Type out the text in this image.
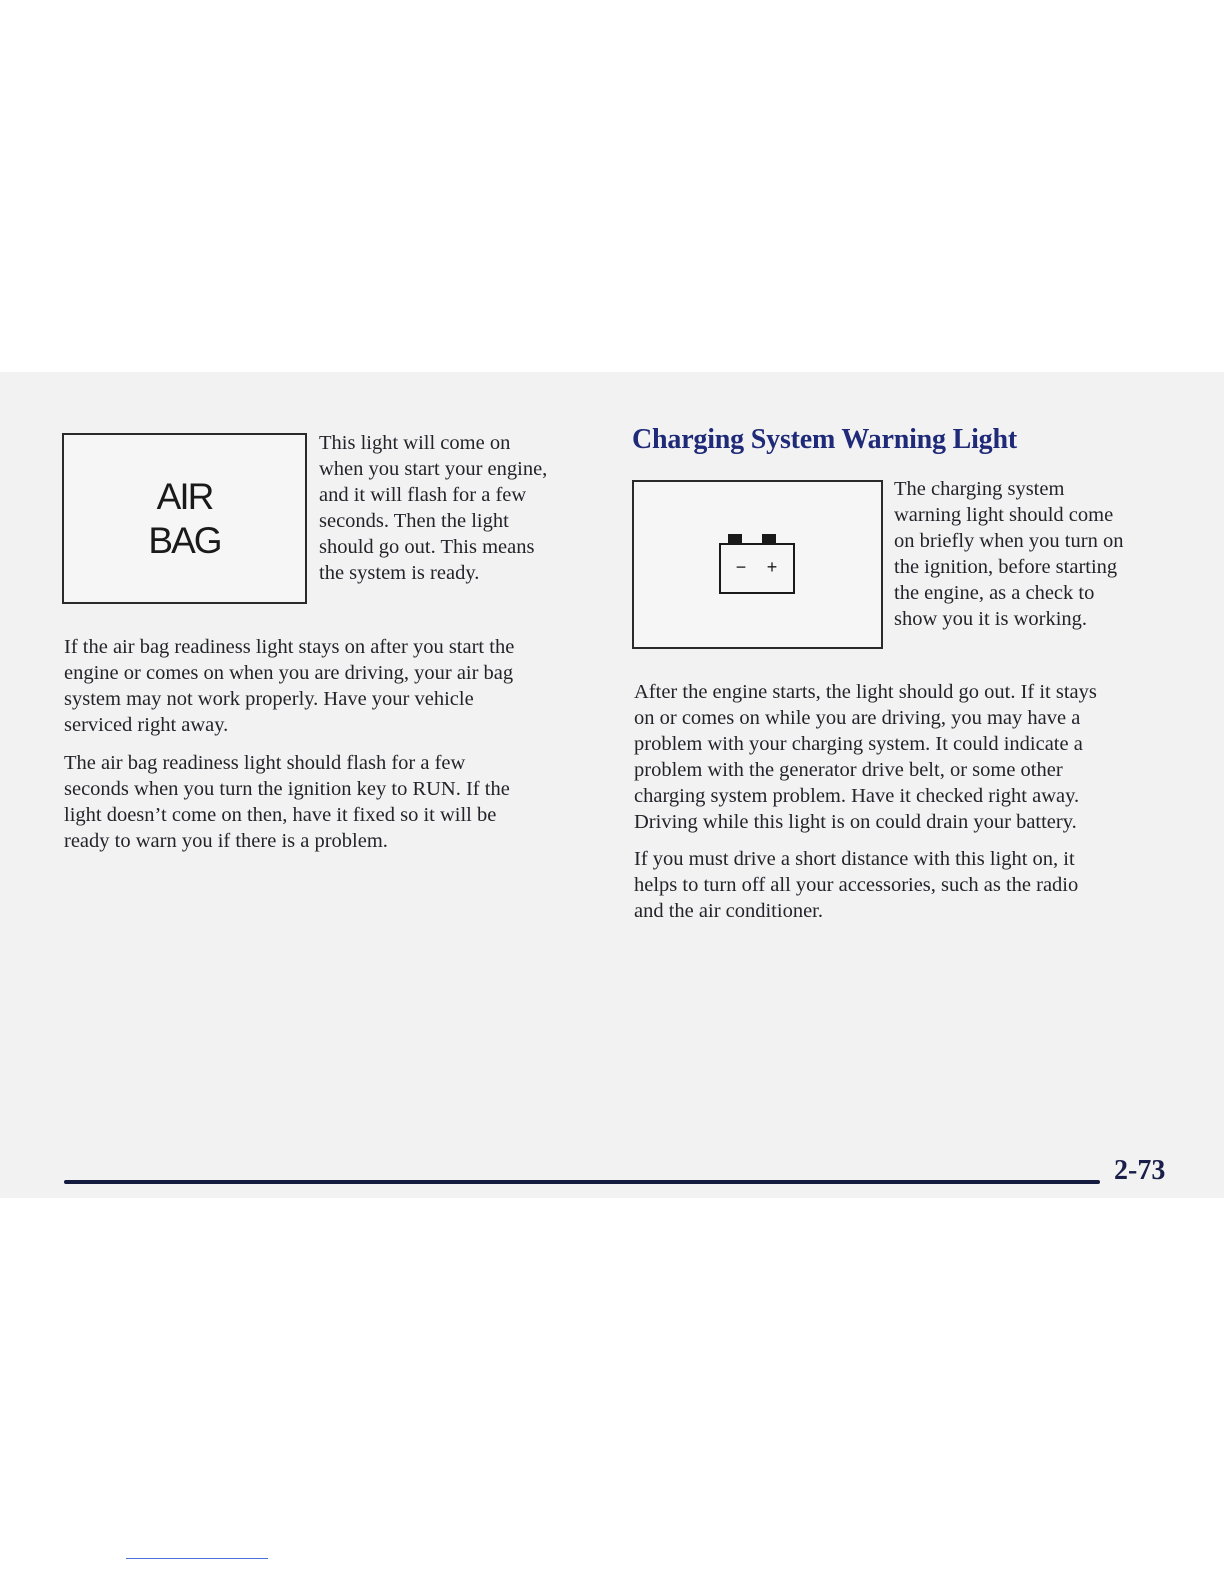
AIR
BAG
This light will come on
when you start your engine,
and it will flash for a few
seconds. Then the light
should go out. This means
the system is ready.
If the air bag readiness light stays on after you start the
engine or comes on when you are driving, your air bag
system may not work properly. Have your vehicle
serviced right away.
The air bag readiness light should flash for a few
seconds when you turn the ignition key to RUN. If the
light doesn’t come on then, have it fixed so it will be
ready to warn you if there is a problem.
Charging System Warning Light
− +
The charging system
warning light should come
on briefly when you turn on
the ignition, before starting
the engine, as a check to
show you it is working.
After the engine starts, the light should go out. If it stays
on or comes on while you are driving, you may have a
problem with your charging system. It could indicate a
problem with the generator drive belt, or some other
charging system problem. Have it checked right away.
Driving while this light is on could drain your battery.
If you must drive a short distance with this light on, it
helps to turn off all your accessories, such as the radio
and the air conditioner.
2-73
